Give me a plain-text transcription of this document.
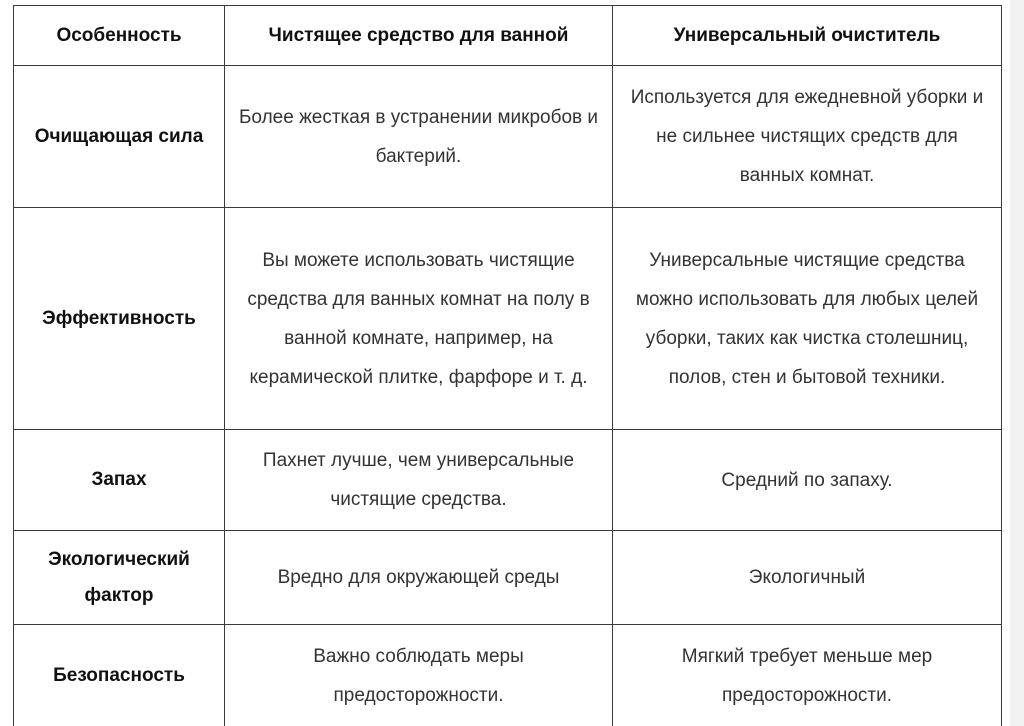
Особенность	Чистящее средство для ванной	Универсальный очиститель
Очищающая сила	Более жесткая в устранении микробов и бактерий.	Используется для ежедневной уборки и не сильнее чистящих средств для ванных комнат.
Эффективность	Вы можете использовать чистящие средства для ванных комнат на полу в ванной комнате, например, на керамической плитке, фарфоре и т. д.	Универсальные чистящие средства можно использовать для любых целей уборки, таких как чистка столешниц, полов, стен и бытовой техники.
Запах	Пахнет лучше, чем универсальные чистящие средства.	Средний по запаху.
Экологический фактор	Вредно для окружающей среды	Экологичный
Безопасность	Важно соблюдать меры предосторожности.	Мягкий требует меньше мер предосторожности.
